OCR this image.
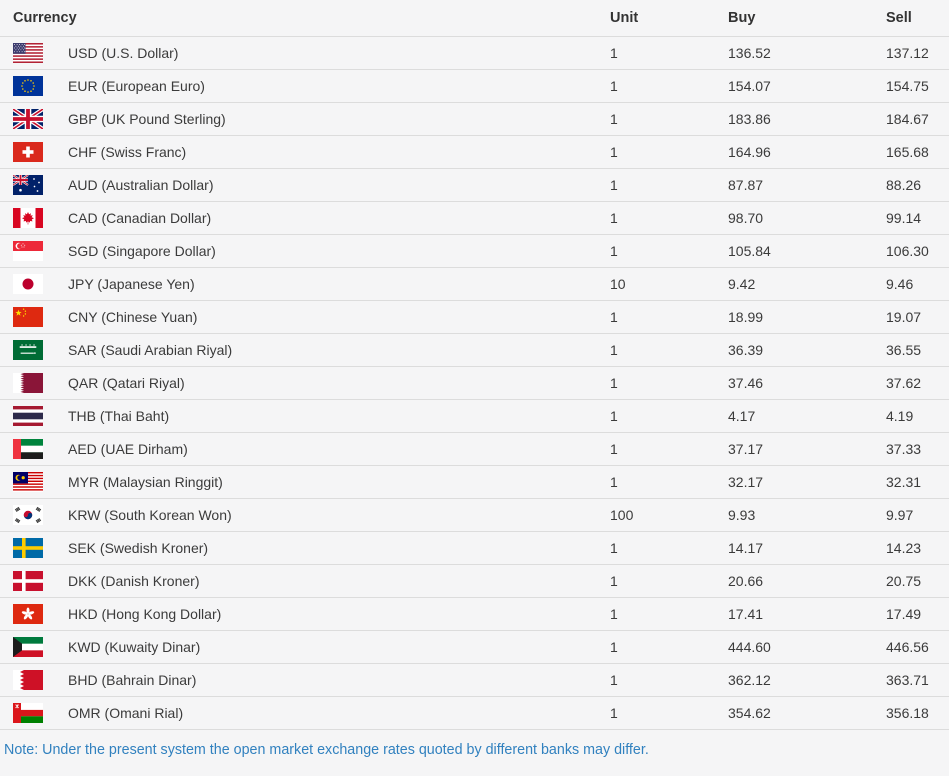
Currency	Unit	Buy	Sell
USD (U.S. Dollar)	1	136.52	137.12
EUR (European Euro)	1	154.07	154.75
GBP (UK Pound Sterling)	1	183.86	184.67
CHF (Swiss Franc)	1	164.96	165.68
AUD (Australian Dollar)	1	87.87	88.26
CAD (Canadian Dollar)	1	98.70	99.14
SGD (Singapore Dollar)	1	105.84	106.30
JPY (Japanese Yen)	10	9.42	9.46
CNY (Chinese Yuan)	1	18.99	19.07
SAR (Saudi Arabian Riyal)	1	36.39	36.55
QAR (Qatari Riyal)	1	37.46	37.62
THB (Thai Baht)	1	4.17	4.19
AED (UAE Dirham)	1	37.17	37.33
MYR (Malaysian Ringgit)	1	32.17	32.31
KRW (South Korean Won)	100	9.93	9.97
SEK (Swedish Kroner)	1	14.17	14.23
DKK (Danish Kroner)	1	20.66	20.75
HKD (Hong Kong Dollar)	1	17.41	17.49
KWD (Kuwaity Dinar)	1	444.60	446.56
BHD (Bahrain Dinar)	1	362.12	363.71
OMR (Omani Rial)	1	354.62	356.18
Note: Under the present system the open market exchange rates quoted by different banks may differ.
